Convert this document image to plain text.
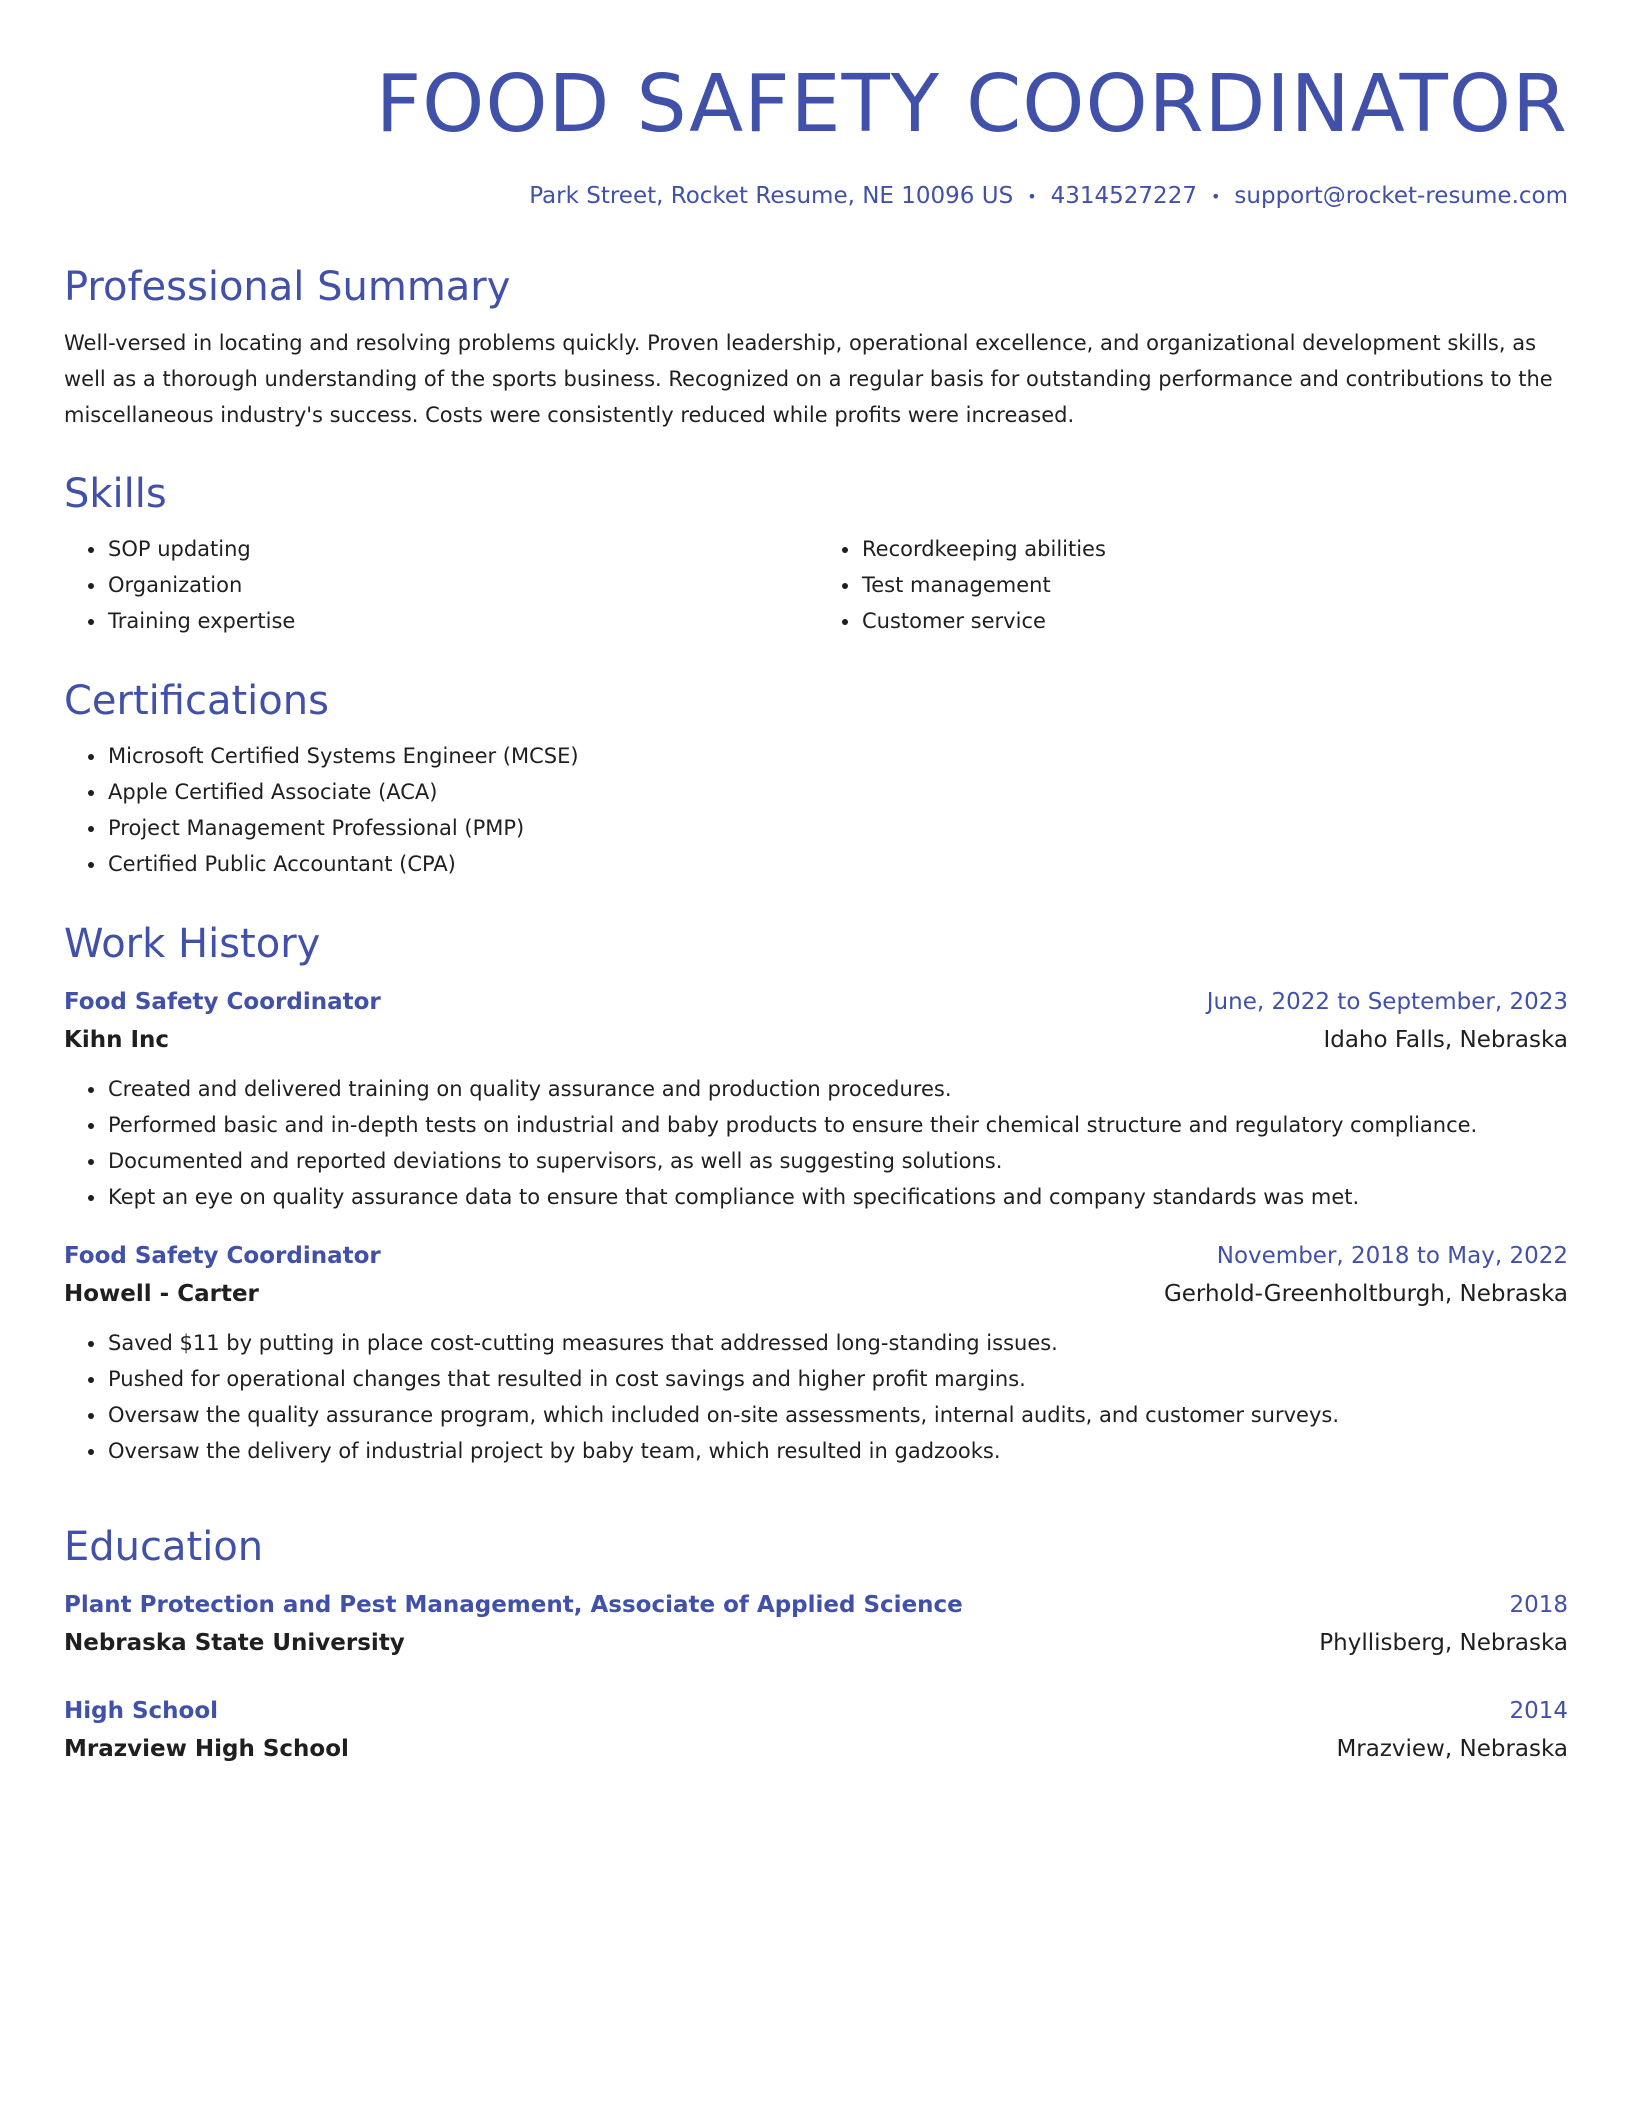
FOOD SAFETY COORDINATOR
Park Street, Rocket Resume, NE 10096 US • 4314527227 • support@rocket-resume.com
Professional Summary

Well-versed in locating and resolving problems quickly. Proven leadership, operational excellence, and organizational development skills, as well as a thorough understanding of the sports business. Recognized on a regular basis for outstanding performance and contributions to the miscellaneous industry's success. Costs were consistently reduced while profits were increased.

Skills
• SOP updating
• Organization
• Training expertise
• Recordkeeping abilities
• Test management
• Customer service
Certifications
• Microsoft Certified Systems Engineer (MCSE)
• Apple Certified Associate (ACA)
• Project Management Professional (PMP)
• Certified Public Accountant (CPA)
Work History
Food Safety Coordinator	June, 2022 to September, 2023
Kihn Inc	Idaho Falls, Nebraska
• Created and delivered training on quality assurance and production procedures.
• Performed basic and in-depth tests on industrial and baby products to ensure their chemical structure and regulatory compliance.
• Documented and reported deviations to supervisors, as well as suggesting solutions.
• Kept an eye on quality assurance data to ensure that compliance with specifications and company standards was met.
Food Safety Coordinator	November, 2018 to May, 2022
Howell - Carter	Gerhold-Greenholtburgh, Nebraska
• Saved $11 by putting in place cost-cutting measures that addressed long-standing issues.
• Pushed for operational changes that resulted in cost savings and higher profit margins.
• Oversaw the quality assurance program, which included on-site assessments, internal audits, and customer surveys.
• Oversaw the delivery of industrial project by baby team, which resulted in gadzooks.
Education
Plant Protection and Pest Management, Associate of Applied Science	2018
Nebraska State University	Phyllisberg, Nebraska
High School	2014
Mrazview High School	Mrazview, Nebraska
